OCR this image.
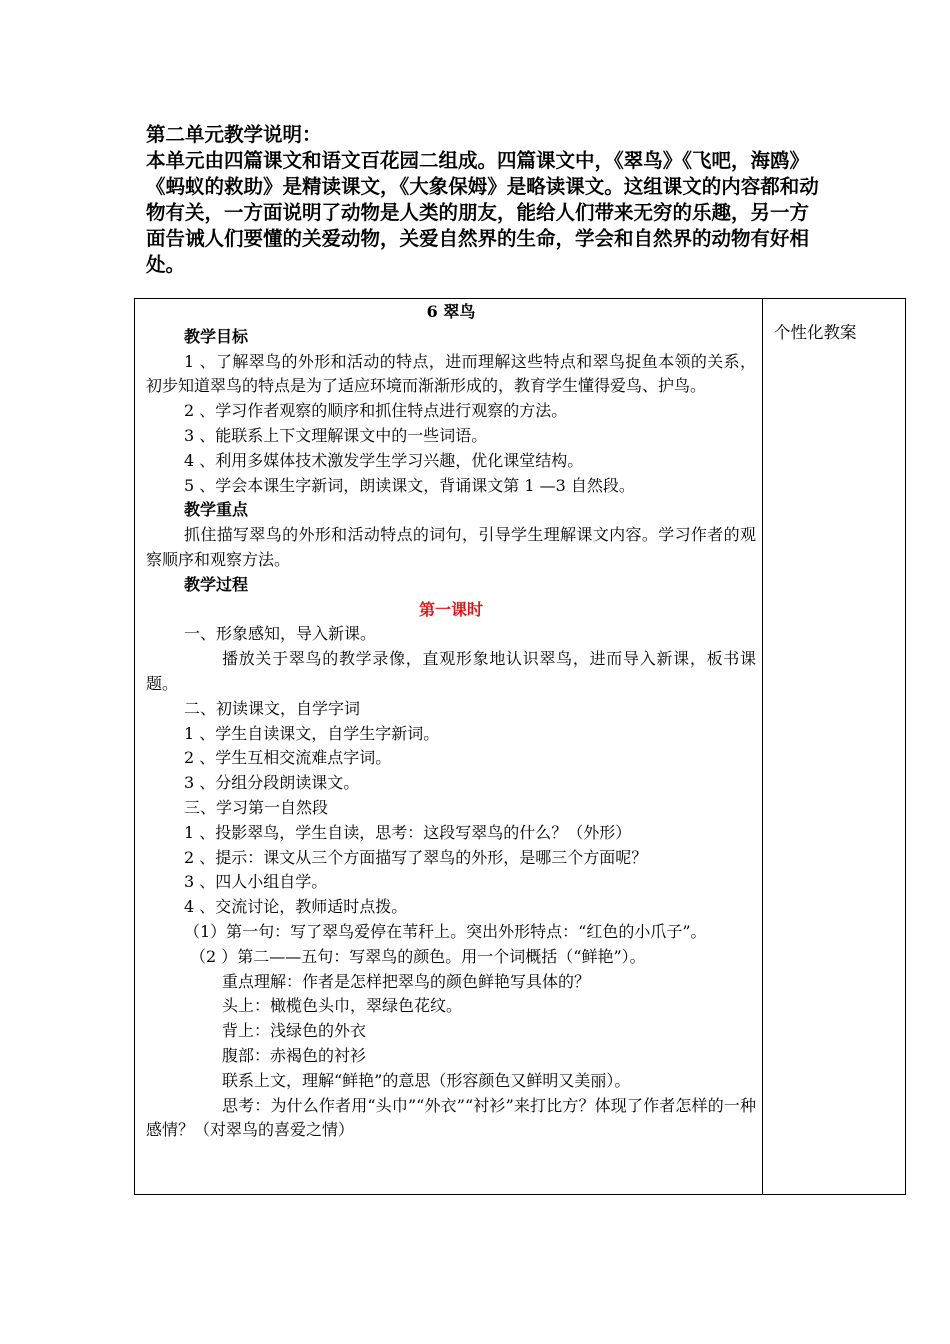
第二单元教学说明：

本单元由四篇课文和语文百花园二组成。四篇课文中，《翠鸟》《飞吧，海鸥》《蚂蚁的救助》是精读课文，《大象保姆》是略读课文。这组课文的内容都和动物有关，一方面说明了动物是人类的朋友，能给人们带来无穷的乐趣，另一方面告诫人们要懂的关爱动物，关爱自然界的生命，学会和自然界的动物有好相处。

6 翠鸟

教学目标

1 、了解翠鸟的外形和活动的特点，进而理解这些特点和翠鸟捉鱼本领的关系，初步知道翠鸟的特点是为了适应环境而渐渐形成的，教育学生懂得爱鸟、护鸟。

2 、学习作者观察的顺序和抓住特点进行观察的方法。

3 、能联系上下文理解课文中的一些词语。

4 、利用多媒体技术激发学生学习兴趣，优化课堂结构。

5 、学会本课生字新词，朗读课文，背诵课文第 1 —3 自然段。

教学重点

抓住描写翠鸟的外形和活动特点的词句，引导学生理解课文内容。学习作者的观察顺序和观察方法。

教学过程

第一课时

一、形象感知，导入新课。

播放关于翠鸟的教学录像，直观形象地认识翠鸟，进而导入新课，板书课题。

二、初读课文，自学字词

1 、学生自读课文，自学生字新词。

2 、学生互相交流难点字词。

3 、分组分段朗读课文。

三、学习第一自然段

1 、投影翠鸟，学生自读，思考：这段写翠鸟的什么？（外形）

2 、提示：课文从三个方面描写了翠鸟的外形，是哪三个方面呢？

3 、四人小组自学。

4 、交流讨论，教师适时点拨。

（1）第一句：写了翠鸟爱停在苇秆上。突出外形特点：“红色的小爪子”。

（2 ）第二——五句：写翠鸟的颜色。用一个词概括（“鲜艳”）。

重点理解：作者是怎样把翠鸟的颜色鲜艳写具体的？

头上：橄榄色头巾，翠绿色花纹。

背上：浅绿色的外衣

腹部：赤褐色的衬衫

联系上文，理解“鲜艳”的意思（形容颜色又鲜明又美丽）。

思考：为什么作者用“头巾”“外衣”“衬衫”来打比方？体现了作者怎样的一种感情？（对翠鸟的喜爱之情）

个性化教案
